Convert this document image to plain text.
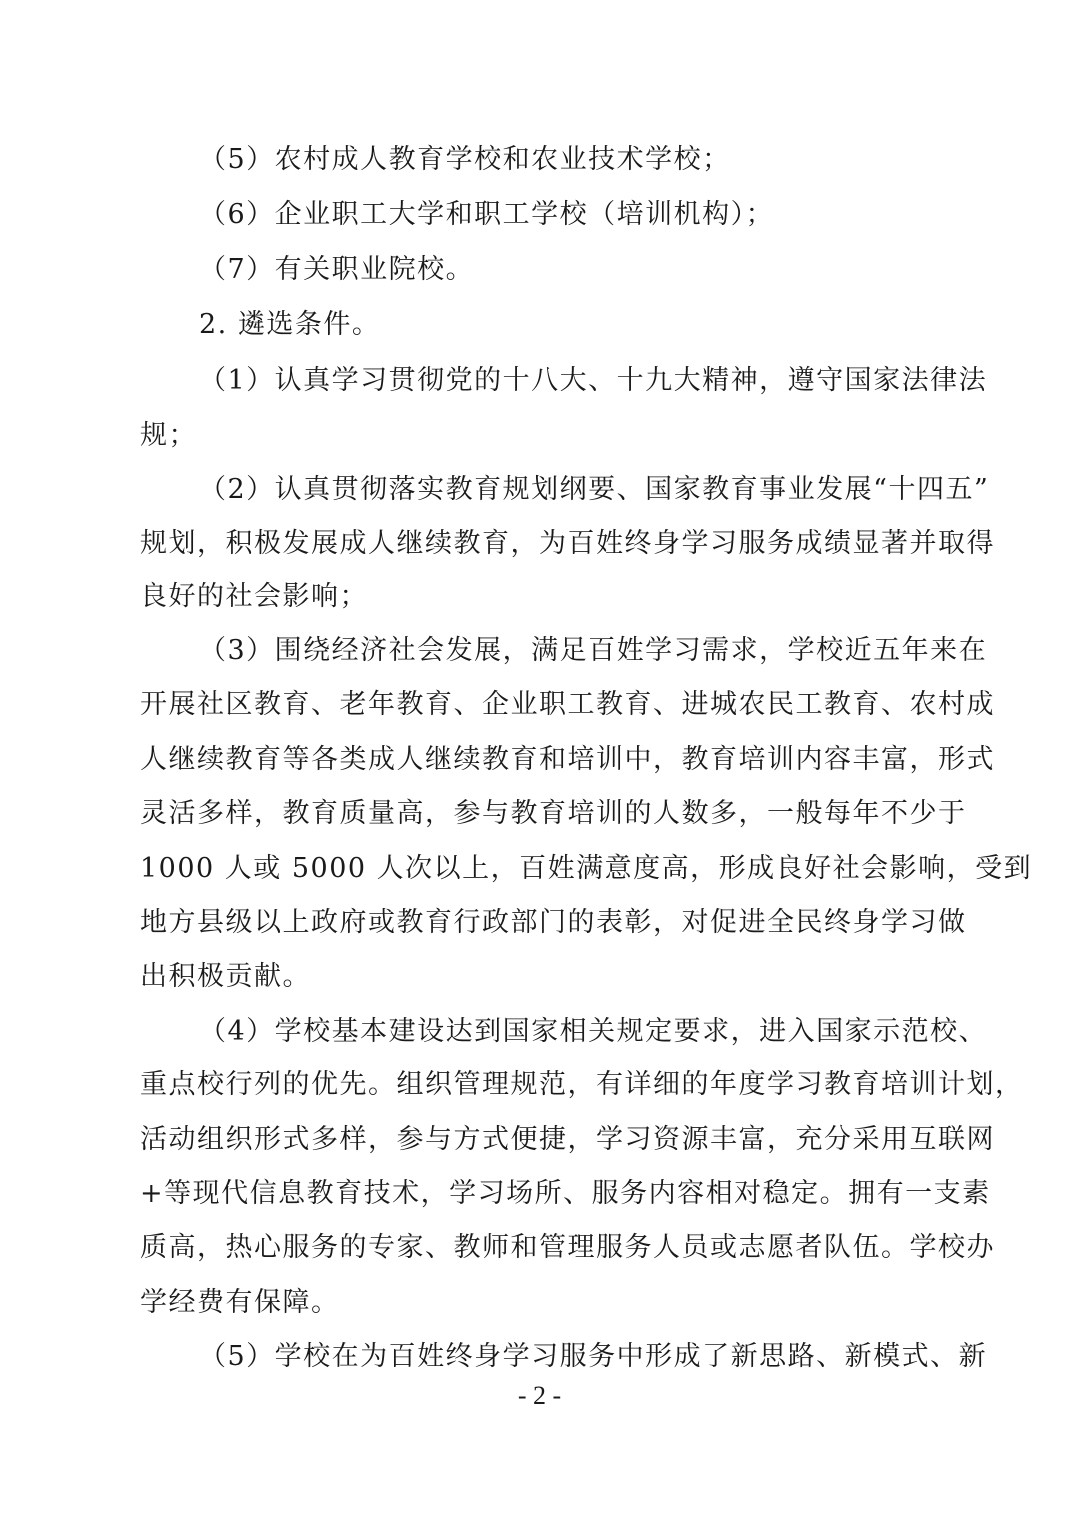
（5）农村成人教育学校和农业技术学校；
（6）企业职工大学和职工学校（培训机构）；
（7）有关职业院校。
2. 遴选条件。
（1）认真学习贯彻党的十八大、十九大精神，遵守国家法律法
规；
（2）认真贯彻落实教育规划纲要、国家教育事业发展“十四五”
规划，积极发展成人继续教育，为百姓终身学习服务成绩显著并取得
良好的社会影响；
（3）围绕经济社会发展，满足百姓学习需求，学校近五年来在
开展社区教育、老年教育、企业职工教育、进城农民工教育、农村成
人继续教育等各类成人继续教育和培训中，教育培训内容丰富，形式
灵活多样，教育质量高，参与教育培训的人数多，一般每年不少于
1000 人或 5000 人次以上，百姓满意度高，形成良好社会影响，受到
地方县级以上政府或教育行政部门的表彰，对促进全民终身学习做
出积极贡献。
（4）学校基本建设达到国家相关规定要求，进入国家示范校、
重点校行列的优先。组织管理规范，有详细的年度学习教育培训计划，
活动组织形式多样，参与方式便捷，学习资源丰富，充分采用互联网
+等现代信息教育技术，学习场所、服务内容相对稳定。拥有一支素
质高，热心服务的专家、教师和管理服务人员或志愿者队伍。学校办
学经费有保障。
（5）学校在为百姓终身学习服务中形成了新思路、新模式、新
- 2 -
